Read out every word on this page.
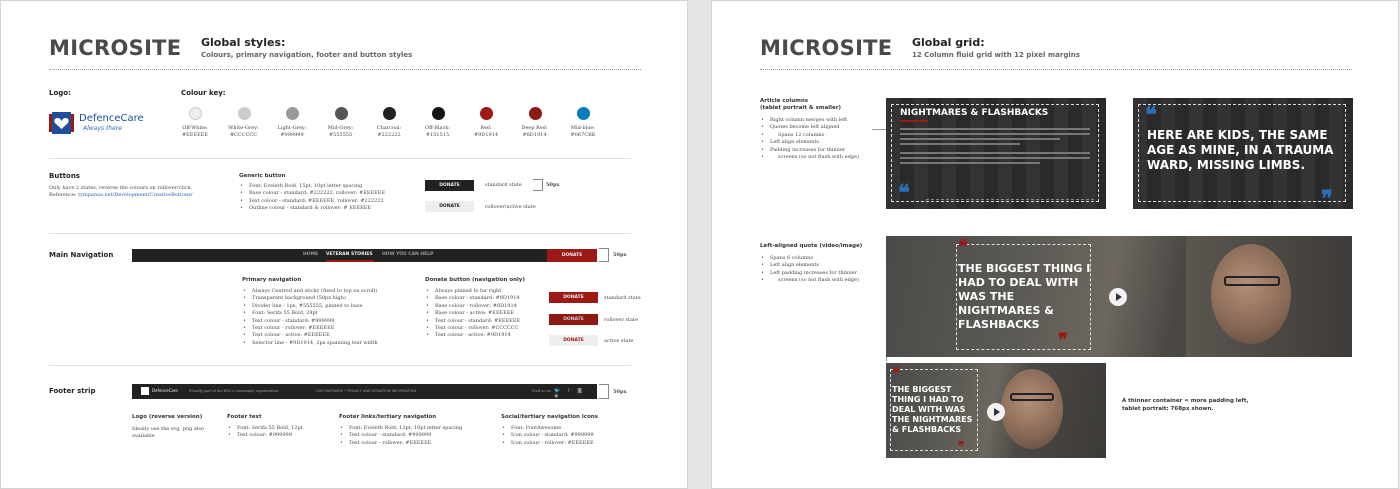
MICROSITE Global styles:
Colours, primary navigation, footer and button styles
Logo:
DefenceCare
Always there
Colour key:
Off-White:
#EEEEEE
White-Grey:
#CCCCCC
Light-Grey:
#999999
Mid-Grey:
#555555
Charcoal:
#222222
Off-Black:
#151515
Red:
#9D1914
Deep Red:
#8D1914
Mid-blue:
#067CBK
Buttons
Only have 2 states, reverse the colours on rollover/click.
Reference: tympanus.net/Development/CreativeButtons/
Generic button
• Font: Eveleth Bold, 15pt, 10pt letter spacing
• Base colour - standard: #222222, rollover: #EEEEEE
• Text colour - standard: #EEEEEE, rollover: #222222
• Outline colour - standard & rollover: # EEEEEE
DONATE	standard state	50px
DONATE	rollover/active state
Main Navigation	HOME VETERAN STORIES HOW YOU CAN HELP	DONATE	50px
Primary navigation
• Always Centred and sticky (fixed to top on scroll)
• Transparent background (50px high)
• Divider line - 1px, #555555, pinned to base
• Font: Serifa 55 Bold, 24pt
• Text colour - standard: #999999
• Text colour - rollover: #EEEEEE
• Text colour - active: #EEEEEE
• Selector line - #9D1914, 2px spanning text width
Donate button (navigation only)
• Always pinned to far right
• Base colour - standard: #9D1914
• Base colour - rollover: #8D1914
• Base colour - active: #EEEEEE
• Text colour - standard: #EEEEEE
• Text colour - rollover: #CCCCCC
• Text colour - active: #9D1914
DONATE	standard state
DONATE	rollover state
DONATE	active state
Footer strip	DefenceCare	Proudly part of the RSL's community organisation	OUR PARTNERS • PRIVACY AND DONATION INFORMATION	Find us on 🐦 f ◙ ♥
50px
Logo (reverse version)
Ideally use the svg, png also available
Footer text
• Font: Serifa 55 Bold, 12pt
• Text colour: #999999
Footer links/tertiary navigation
• Font: Eveleth Bold, 12pt, 10pt letter spacing
• Text colour - standard: #999999
• Text colour - rollover: #EEEEEE
Social/tertiary navigation icons
• Font: FontAwesome
• Icon colour - standard: #999999
• Icon colour - rollover: #EEEEEE
MICROSITE Global grid:
12 Column fluid grid with 12 pixel margins
Article columns
(tablet portrait & smaller)
• Right column merges with left
• Quotes become left aligned
• Spans 12 columns
• Left align elements
• Padding increases for thinner
• screens (so not flush with edge)
NIGHTMARES & FLASHBACKS
❝
❝
HERE ARE KIDS, THE SAME AGE AS MINE, IN A TRAUMA WARD, MISSING LIMBS.
❞
Left-aligned quote (video/image)
• Spans 6 columns
• Left align elements
• Left padding increases for thinner
• screens (so not flush with edge)
❝
THE BIGGEST THING I HAD TO DEAL WITH WAS THE NIGHTMARES & FLASHBACKS
❞
❝
THE BIGGEST THING I HAD TO DEAL WITH WAS THE NIGHTMARES & FLASHBACKS
❞
A thinner container = more padding left, tablet portrait: 768px shown.
